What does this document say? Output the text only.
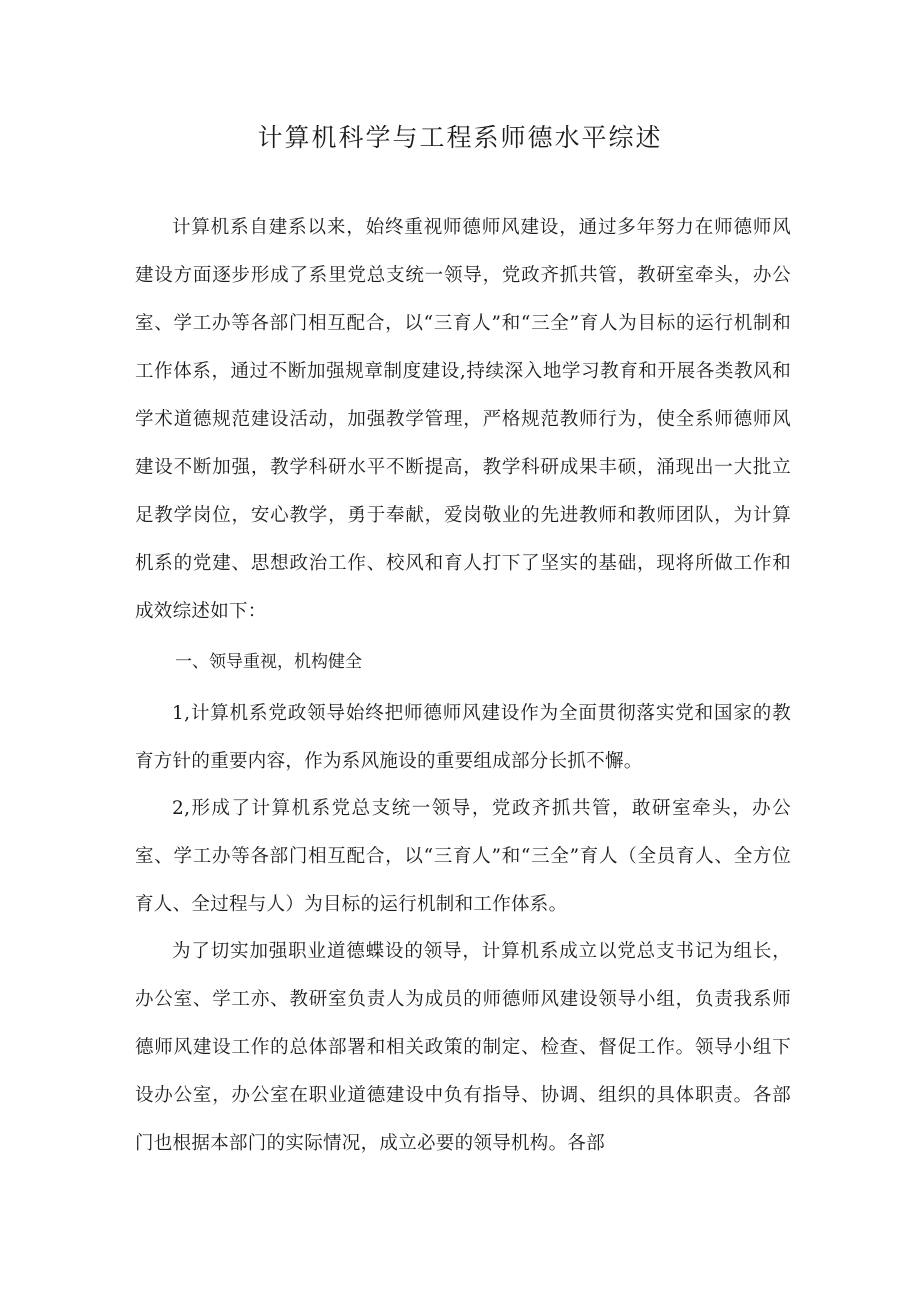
计算机科学与工程系师德水平综述

计算机系自建系以来，始终重视师德师风建设，通过多年努力在师德师风建设方面逐步形成了系里党总支统一领导，党政齐抓共管，教研室牵头，办公室、学工办等各部门相互配合，以“三育人”和“三全”育人为目标的运行机制和工作体系，通过不断加强规章制度建设,持续深入地学习教育和开展各类教风和学术道德规范建设活动，加强教学管理，严格规范教师行为，使全系师德师风建设不断加强，教学科研水平不断提高，教学科研成果丰硕，涌现出一大批立足教学岗位，安心教学，勇于奉献，爱岗敬业的先进教师和教师团队，为计算机系的党建、思想政治工作、校风和育人打下了坚实的基础，现将所做工作和成效综述如下：

一、领导重视，机构健全

1,计算机系党政领导始终把师德师风建设作为全面贯彻落实党和国家的教育方针的重要内容，作为系风施设的重要组成部分长抓不懈。

2,形成了计算机系党总支统一领导，党政齐抓共管，敢研室牵头，办公室、学工办等各部门相互配合，以“三育人”和“三全”育人（全员育人、全方位育人、全过程与人）为目标的运行机制和工作体系。

为了切实加强职业道德蝶设的领导，计算机系成立以党总支书记为组长，办公室、学工亦、教研室负责人为成员的师德师风建设领导小组，负责我系师德师风建设工作的总体部署和相关政策的制定、检查、督促工作。领导小组下设办公室，办公室在职业道德建设中负有指导、协调、组织的具体职责。各部门也根据本部门的实际情况，成立必要的领导机构。各部
